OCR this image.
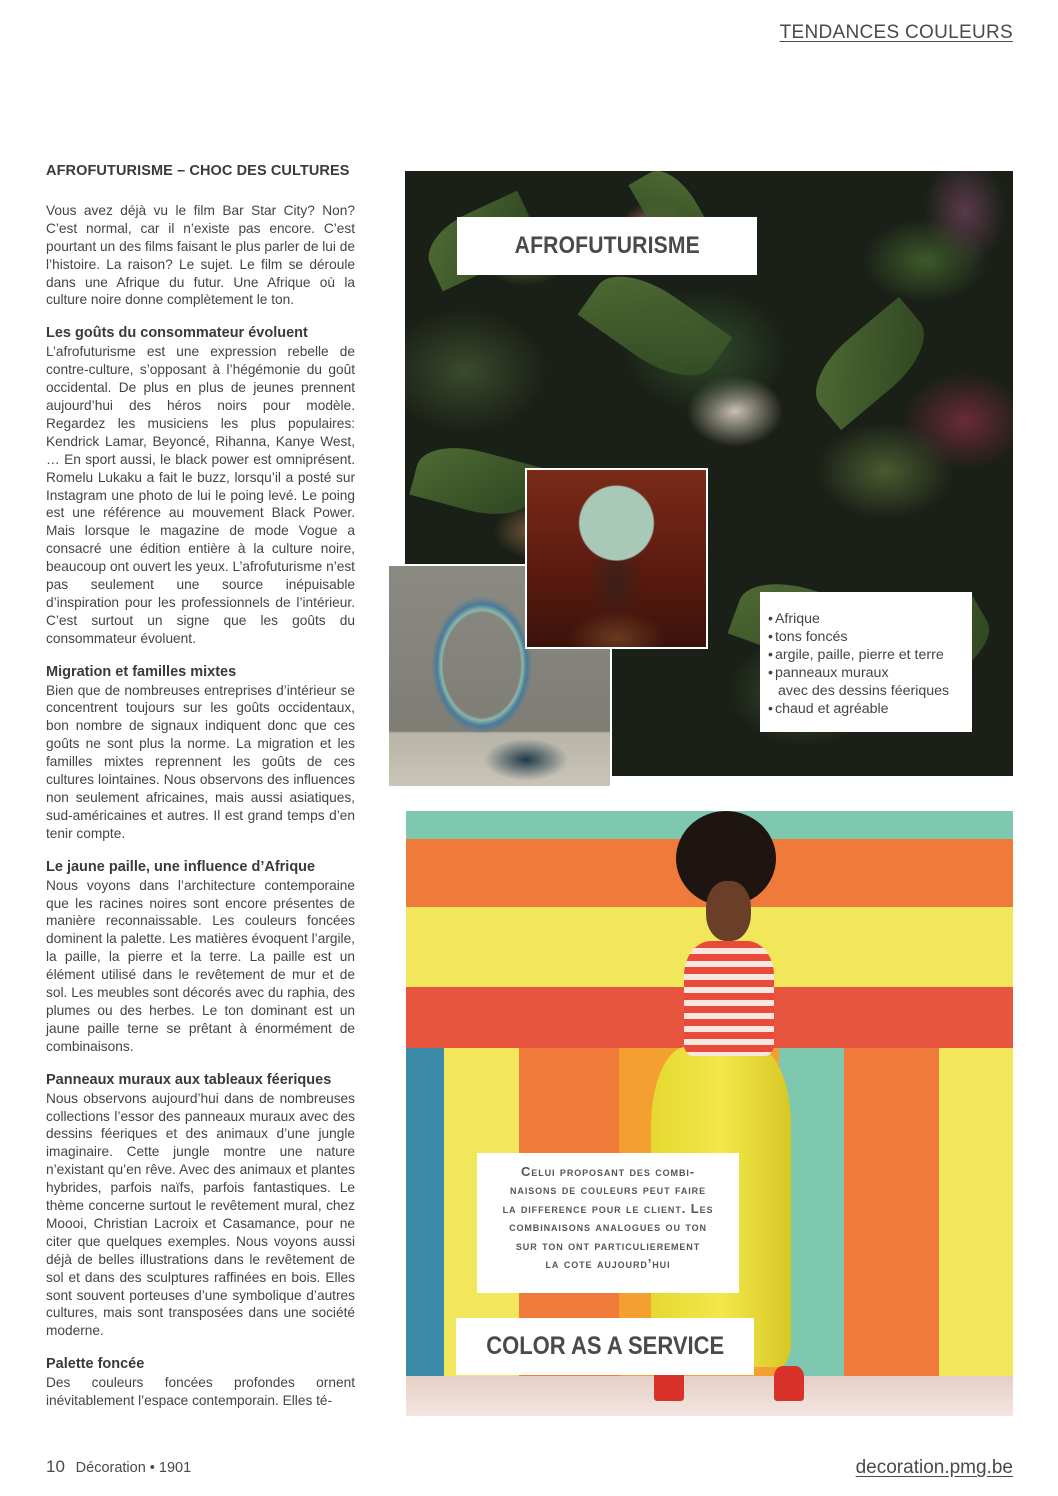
TENDANCES COULEURS
AFROFUTURISME – CHOC DES CULTURES

Vous avez déjà vu le film Bar Star City? Non? C’est normal, car il n’existe pas encore. C’est pourtant un des films faisant le plus parler de lui de l’histoire. La raison? Le sujet. Le film se déroule dans une Afrique du futur. Une Afrique où la culture noire donne complètement le ton.

Les goûts du consommateur évoluent

L’afrofuturisme est une expression rebelle de contre-culture, s’opposant à l’hégémonie du goût occidental. De plus en plus de jeunes prennent aujourd’hui des héros noirs pour modèle. Regardez les musiciens les plus populaires: Kendrick Lamar, Beyoncé, Rihanna, Kanye West, … En sport aussi, le black power est omniprésent. Romelu Lukaku a fait le buzz, lorsqu’il a posté sur Instagram une photo de lui le poing levé. Le poing est une référence au mouvement Black Power. Mais lorsque le magazine de mode Vogue a consacré une édition entière à la culture noire, beaucoup ont ouvert les yeux. L’afrofuturisme n’est pas seulement une source inépuisable d’inspiration pour les professionnels de l’intérieur. C’est surtout un signe que les goûts du consommateur évoluent.

Migration et familles mixtes

Bien que de nombreuses entreprises d’intérieur se concentrent toujours sur les goûts occidentaux, bon nombre de signaux indiquent donc que ces goûts ne sont plus la norme. La migration et les familles mixtes reprennent les goûts de ces cultures lointaines. Nous observons des influences non seulement africaines, mais aussi asiatiques, sud-américaines et autres. Il est grand temps d’en tenir compte.

Le jaune paille, une influence d’Afrique

Nous voyons dans l’architecture contemporaine que les racines noires sont encore présentes de manière reconnaissable. Les couleurs foncées dominent la palette. Les matières évoquent l’argile, la paille, la pierre et la terre. La paille est un élément utilisé dans le revêtement de mur et de sol. Les meubles sont décorés avec du raphia, des plumes ou des herbes. Le ton dominant est un jaune paille terne se prêtant à énormément de combinaisons.

Panneaux muraux aux tableaux féeriques

Nous observons aujourd’hui dans de nombreuses collections l’essor des panneaux muraux avec des dessins féeriques et des animaux d’une jungle imaginaire. Cette jungle montre une nature n’existant qu’en rêve. Avec des animaux et plantes hybrides, parfois naïfs, parfois fantastiques. Le thème concerne surtout le revêtement mural, chez Moooi, Christian Lacroix et Casamance, pour ne citer que quelques exemples. Nous voyons aussi déjà de belles illustrations dans le revêtement de sol et dans des sculptures raffinées en bois. Elles sont souvent porteuses d’une symbolique d’autres cultures, mais sont transposées dans une société moderne.

Palette foncée

Des couleurs foncées profondes ornent inévitablement l’espace contemporain. Elles té-

AFROFUTURISME
• Afrique
• tons foncés
• argile, paille, pierre et terre
• panneaux muraux
avec des dessins féeriques
• chaud et agréable
Celui proposant des combi-
naisons de couleurs peut faire
la difference pour le client. Les
combinaisons analogues ou ton
sur ton ont particulierement
la cote aujourd’hui
COLOR AS A SERVICE
10 Décoration • 1901	decoration.pmg.be
